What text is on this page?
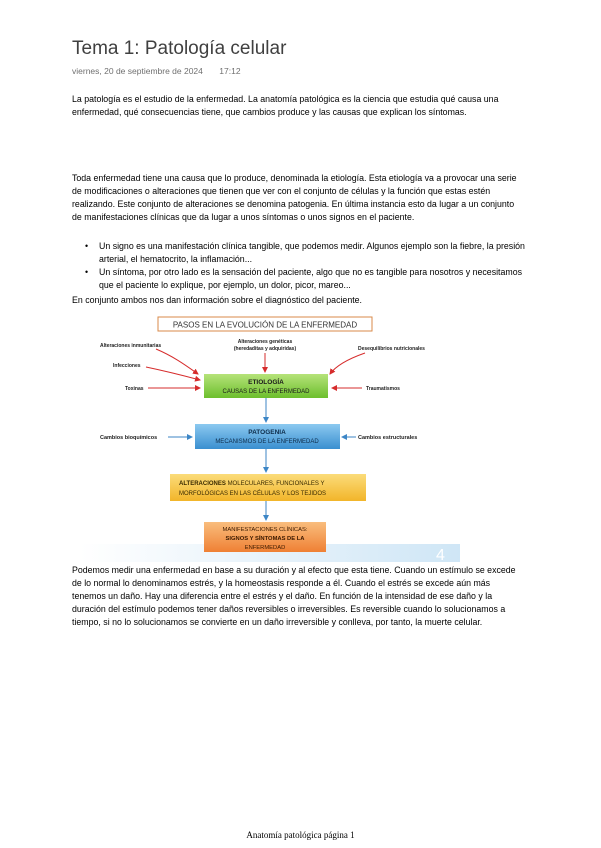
Tema 1: Patología celular
viernes, 20 de septiembre de 2024 17:12
La patología es el estudio de la enfermedad. La anatomía patológica es la ciencia que estudia qué causa una enfermedad, qué consecuencias tiene, que cambios produce y las causas que explican los síntomas.
Toda enfermedad tiene una causa que lo produce, denominada la etiología. Esta etiología va a provocar una serie de modificaciones o alteraciones que tienen que ver con el conjunto de células y la función que estas estén realizando. Este conjunto de alteraciones se denomina patogenia. En última instancia esto da lugar a un conjunto de manifestaciones clínicas que da lugar a unos síntomas o unos signos en el paciente.
• Un signo es una manifestación clínica tangible, que podemos medir. Algunos ejemplo son la fiebre, la presión arterial, el hematocrito, la inflamación...
• Un síntoma, por otro lado es la sensación del paciente, algo que no es tangible para nosotros y necesitamos que el paciente lo explique, por ejemplo, un dolor, picor, mareo...
En conjunto ambos nos dan información sobre el diagnóstico del paciente.
4
PASOS EN LA EVOLUCIÓN DE LA ENFERMEDAD
Alteraciones inmunitarias
Alteraciones genéticas
(heredaditas y adquiridas)	Desequilibrios nutricionales
Infecciones
Toxinas	Traumatismos
ETIOLOGÍA
CAUSAS DE LA ENFERMEDAD
Cambios bioquímicos	Cambios estructurales
PATOGENIA
MECANISMOS DE LA ENFERMEDAD
ALTERACIONES MOLECULARES, FUNCIONALES Y
MORFOLÓGICAS EN LAS CÉLULAS Y LOS TEJIDOS
MANIFESTACIONES CLÍNICAS:
SIGNOS Y SÍNTOMAS DE LA
ENFERMEDAD
Podemos medir una enfermedad en base a su duración y al efecto que esta tiene. Cuando un estímulo se excede de lo normal lo denominamos estrés, y la homeostasis responde a él. Cuando el estrés se excede aún más tenemos un daño. Hay una diferencia entre el estrés y el daño. En función de la intensidad de ese daño y la duración del estímulo podemos tener daños reversibles o irreversibles. Es reversible cuando lo solucionamos a tiempo, si no lo solucionamos se convierte en un daño irreversible y conlleva, por tanto, la muerte celular.
Anatomía patológica página 1
